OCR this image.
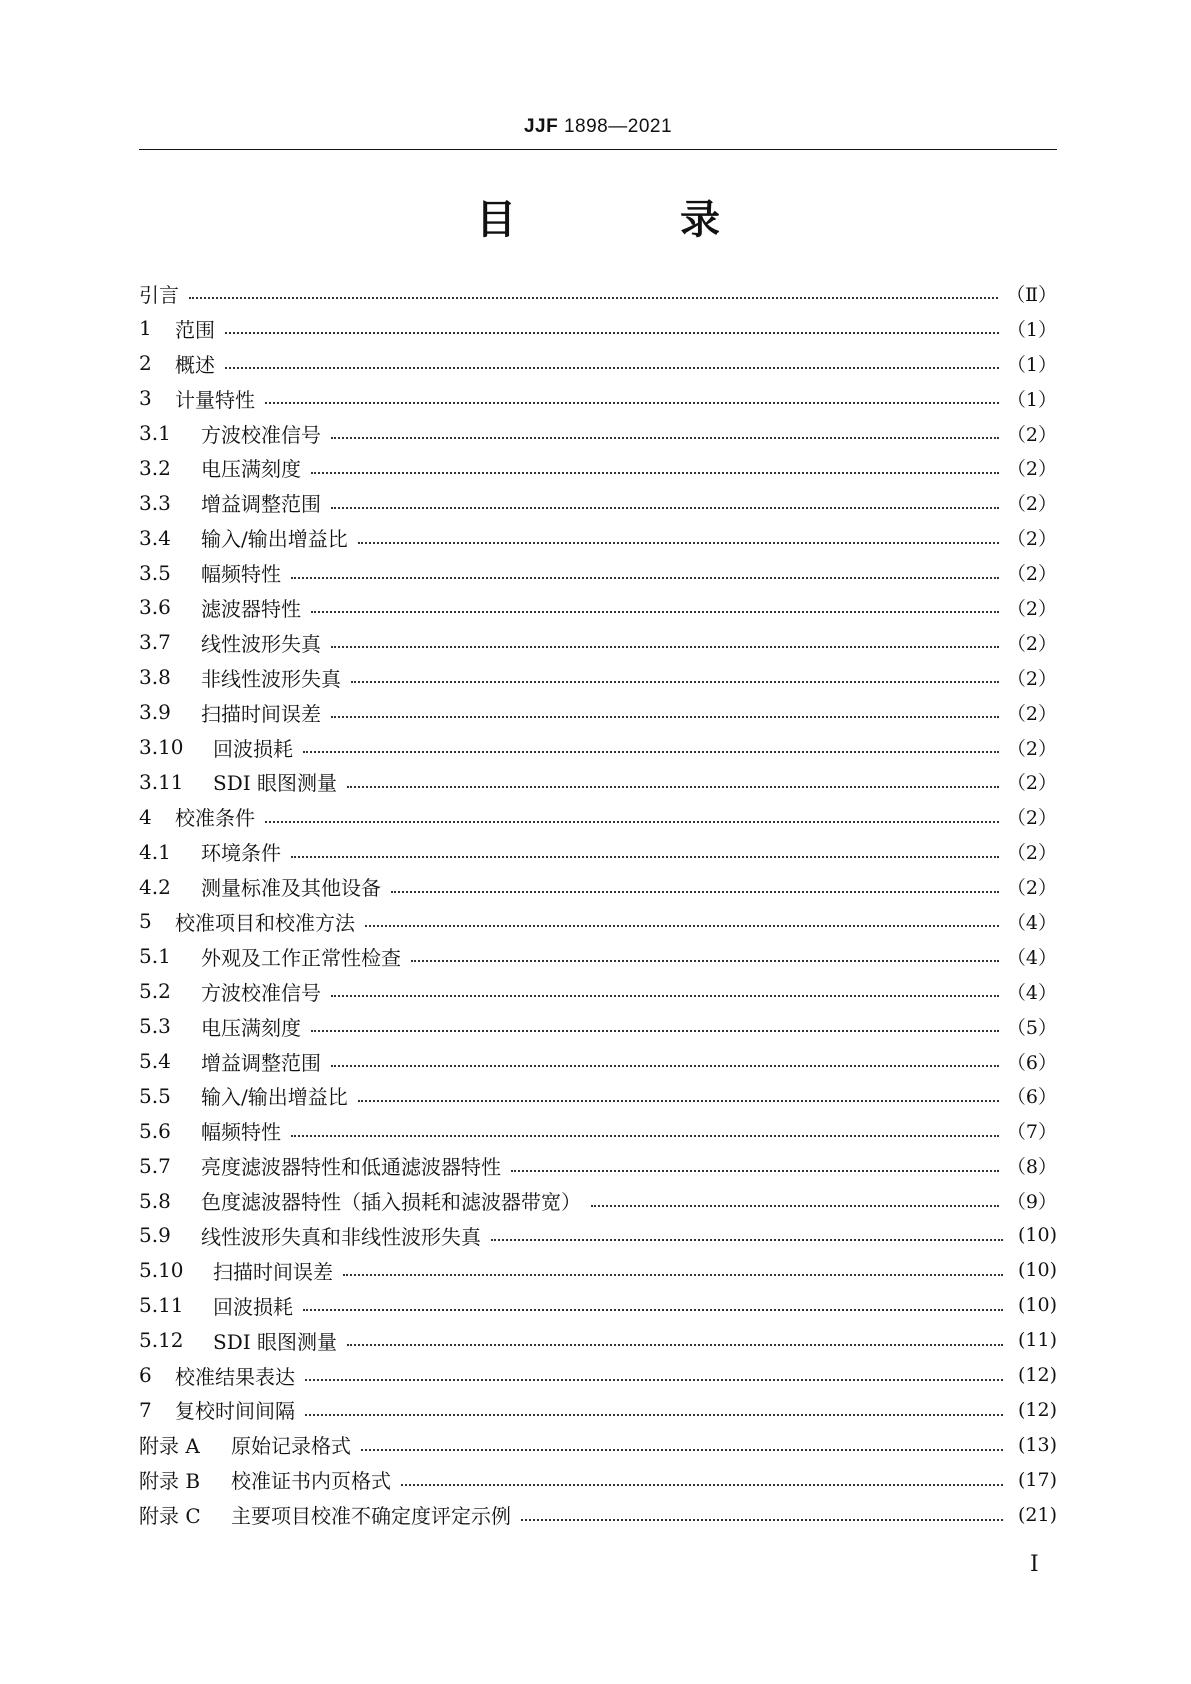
JJF 1898—2021
目　录
引言	（Ⅱ）
1	范围	（1）
2	概述	（1）
3	计量特性	（1）
3.1	方波校准信号	（2）
3.2	电压满刻度	（2）
3.3	增益调整范围	（2）
3.4	输入/输出增益比	（2）
3.5	幅频特性	（2）
3.6	滤波器特性	（2）
3.7	线性波形失真	（2）
3.8	非线性波形失真	（2）
3.9	扫描时间误差	（2）
3.10	回波损耗	（2）
3.11	SDI 眼图测量	（2）
4	校准条件	（2）
4.1	环境条件	（2）
4.2	测量标准及其他设备	（2）
5	校准项目和校准方法	（4）
5.1	外观及工作正常性检查	（4）
5.2	方波校准信号	（4）
5.3	电压满刻度	（5）
5.4	增益调整范围	（6）
5.5	输入/输出增益比	（6）
5.6	幅频特性	（7）
5.7	亮度滤波器特性和低通滤波器特性	（8）
5.8	色度滤波器特性（插入损耗和滤波器带宽）	（9）
5.9	线性波形失真和非线性波形失真	(10)
5.10	扫描时间误差	(10)
5.11	回波损耗	(10)
5.12	SDI 眼图测量	(11)
6	校准结果表达	(12)
7	复校时间间隔	(12)
附录 A	原始记录格式	(13)
附录 B	校准证书内页格式	(17)
附录 C	主要项目校准不确定度评定示例	(21)
I
